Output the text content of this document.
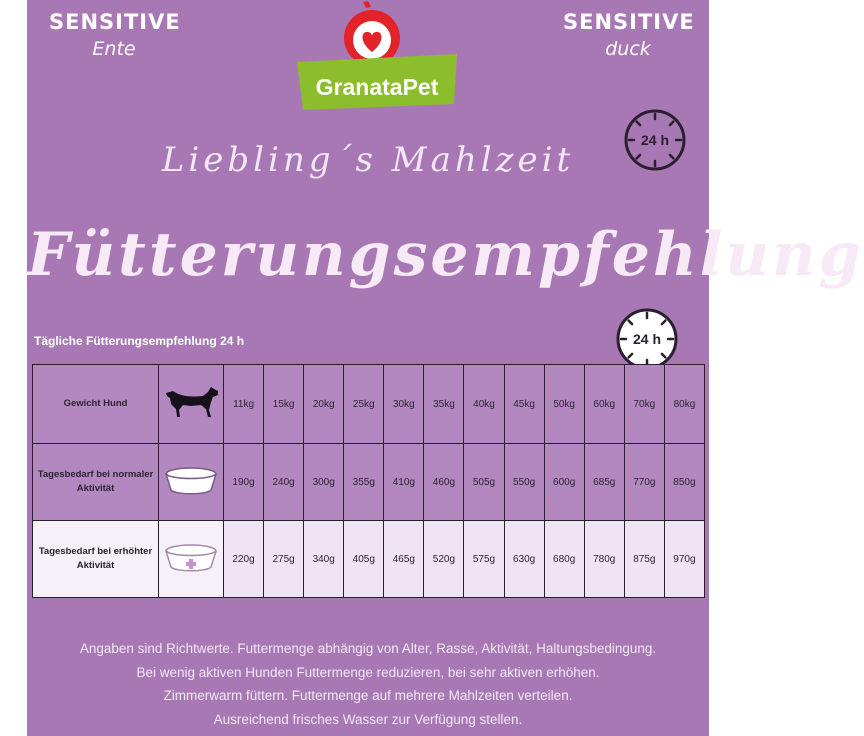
SENSITIVE
Ente
SENSITIVE
duck
GranataPet
Liebling´s Mahlzeit
Fütterungsempfehlung
24 h
24 h
Tägliche Fütterungsempfehlung 24 h
Gewicht Hund		11kg	15kg	20kg	25kg	30kg	35kg	40kg	45kg	50kg	60kg	70kg	80kg
Tagesbedarf bei normaler Aktivität		190g	240g	300g	355g	410g	460g	505g	550g	600g	685g	770g	850g
Tagesbedarf bei erhöhter Aktivität		220g	275g	340g	405g	465g	520g	575g	630g	680g	780g	875g	970g
Angaben sind Richtwerte. Futtermenge abhängig von Alter, Rasse, Aktivität, Haltungsbedingung.
Bei wenig aktiven Hunden Futtermenge reduzieren, bei sehr aktiven erhöhen.
Zimmerwarm füttern. Futtermenge auf mehrere Mahlzeiten verteilen.
Ausreichend frisches Wasser zur Verfügung stellen.
